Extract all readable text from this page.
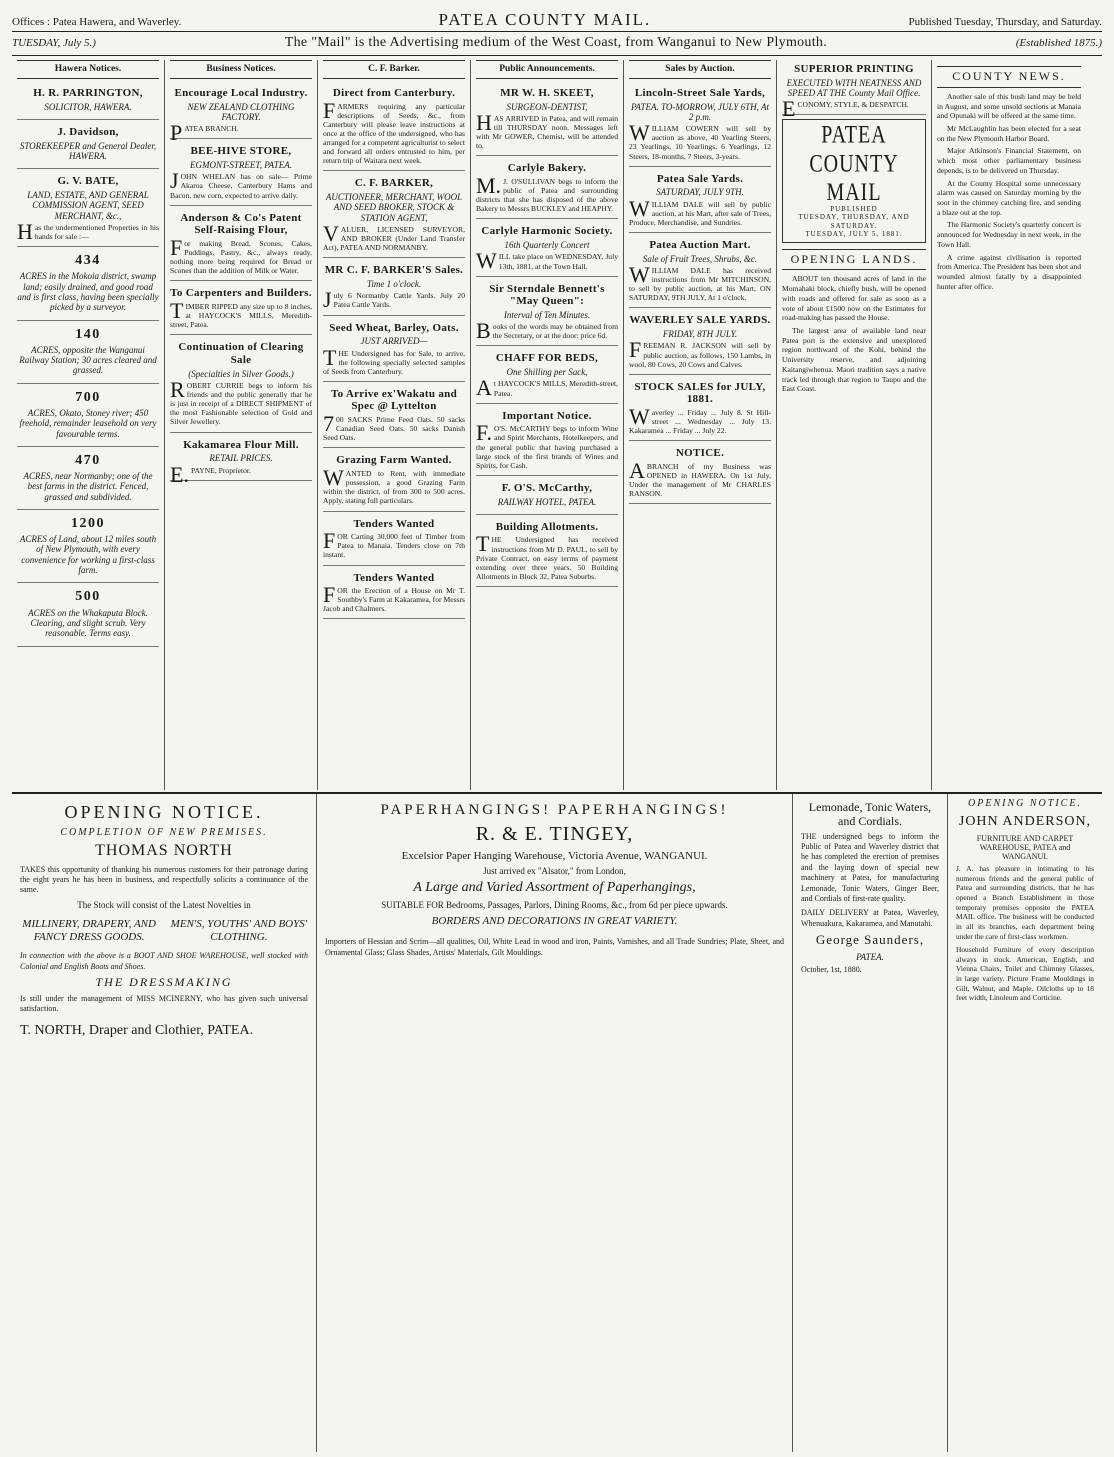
Offices : Patea Hawera, and Waverley.	PATEA COUNTY MAIL.	Published Tuesday, Thursday, and Saturday.
TUESDAY, July 5.)	The "Mail" is the Advertising medium of the West Coast, from Wanganui to New Plymouth.	(Established 1875.)
Hawera Notices.
H. R. PARRINGTON,
SOLICITOR, HAWERA.
J. Davidson,
STOREKEEPER and General Dealer, HAWERA.
G. V. BATE,
LAND, ESTATE, AND GENERAL COMMISSION AGENT, SEED MERCHANT, &c.,
Has the undermentioned Properties in his hands for sale :—
434
ACRES in the Mokoia district, swamp land; easily drained, and good road and is first class, having been specially picked by a surveyor.
140
ACRES, opposite the Wanganui Railway Station; 30 acres cleared and grassed.
700
ACRES, Okato, Stoney river; 450 freehold, remainder leasehold on very favourable terms.
470
ACRES, near Normanby; one of the best farms in the district. Fenced, grassed and subdivided.
1200
ACRES of Land, about 12 miles south of New Plymouth, with every convenience for working a first-class farm.
500
ACRES on the Whakaputa Block. Clearing, and slight scrub. Very reasonable. Terms easy.
Business Notices.
Encourage Local Industry.
NEW ZEALAND CLOTHING FACTORY.
PATEA BRANCH.
BEE-HIVE STORE,
EGMONT-STREET, PATEA.
JOHN WHELAN has on sale— Prime Akaroa Cheese, Canterbury Hams and Bacon, new corn, expected to arrive daily.
Anderson & Co's Patent Self-Raising Flour,
For making Bread, Scones, Cakes, Puddings, Pastry, &c., always ready, nothing more being required for Bread or Scones than the addition of Milk or Water.
To Carpenters and Builders.
TIMBER RIPPED any size up to 8 inches, at HAYCOCK'S MILLS, Meredith-street, Patea.
Continuation of Clearing Sale
(Specialties in Silver Goods.)
ROBERT CURRIE begs to inform his friends and the public generally that he is just in receipt of a DIRECT SHIPMENT of the most Fashionable selection of Gold and Silver Jewellery.
Kakamarea Flour Mill.
RETAIL PRICES.
E.PAYNE, Proprietor.
C. F. Barker.
Direct from Canterbury.
FARMERS requiring any particular descriptions of Seeds, &c., from Canterbury will please leave instructions at once at the office of the undersigned, who has arranged for a competent agriculturist to select and forward all orders entrusted to him, per return trip of Waitara next week.
C. F. BARKER,
AUCTIONEER, MERCHANT, WOOL AND SEED BROKER, STOCK & STATION AGENT,
VALUER, LICENSED SURVEYOR, AND BROKER (Under Land Transfer Act), PATEA AND NORMANBY.
MR C. F. BARKER'S Sales.
Time 1 o'clock.
July 6 Normanby Cattle Yards. July 20 Patea Cattle Yards.
Seed Wheat, Barley, Oats.
JUST ARRIVED—
THE Undersigned has for Sale, to arrive, the following specially selected samples of Seeds from Canterbury.
To Arrive ex'Wakatu and Spec @ Lyttelton
700 SACKS Prime Feed Oats. 50 sacks Canadian Seed Oats. 50 sacks Danish Seed Oats.
Grazing Farm Wanted.
WANTED to Rent, with immediate possession, a good Grazing Farm within the district, of from 300 to 500 acres. Apply, stating full particulars.
Tenders Wanted
FOR Carting 30,000 feet of Timber from Patea to Manaia. Tenders close on 7th instant.
Tenders Wanted
FOR the Erection of a House on Mr T. Southby's Farm at Kakaramea, for Messrs Jacob and Chalmers.
Public Announcements.
MR W. H. SKEET,
SURGEON-DENTIST,
HAS ARRIVED in Patea, and will remain till THURSDAY noon. Messages left with Mr GOWER, Chemist, will be attended to.
Carlyle Bakery.
M.J. O'SULLIVAN begs to inform the public of Patea and surrounding districts that she has disposed of the above Bakery to Messrs BUCKLEY and HEAPHY.
Carlyle Harmonic Society.
16th Quarterly Concert
WILL take place on WEDNESDAY, July 13th, 1881, at the Town Hall.
Sir Sterndale Bennett's "May Queen":
Interval of Ten Minutes.
Books of the words may be obtained from the Secretary, or at the door: price 6d.
CHAFF FOR BEDS,
One Shilling per Sack,
At HAYCOCK'S MILLS, Meredith-street, Patea.
Important Notice.
F.O'S. McCARTHY begs to inform Wine and Spirit Merchants, Hotelkeepers, and the general public that having purchased a large stock of the first brands of Wines and Spirits, for Cash.
F. O'S. McCarthy,
RAILWAY HOTEL, PATEA.
Building Allotments.
THE Undersigned has received instructions from Mr D. PAUL, to sell by Private Contract, on easy terms of payment extending over three years. 50 Building Allotments in Block 32, Patea Suburbs.
Sales by Auction.
Lincoln-Street Sale Yards,
PATEA. TO-MORROW, JULY 6TH, At 2 p.m.
WILLIAM COWERN will sell by auction as above, 40 Yearling Steers, 23 Yearlings, 10 Yearlings, 6 Yearlings, 12 Steers, 18-months, 7 Steers, 3-years.
Patea Sale Yards.
SATURDAY, JULY 9TH.
WILLIAM DALE will sell by public auction, at his Mart, after sale of Trees, Produce, Merchandise, and Sundries.
Patea Auction Mart.
Sale of Fruit Trees, Shrubs, &c.
WILLIAM DALE has received instructions from Mr MITCHINSON, to sell by public auction, at his Mart, ON SATURDAY, 9TH JULY, At 1 o'clock.
WAVERLEY SALE YARDS.
FRIDAY, 8TH JULY.
FREEMAN R. JACKSON will sell by public auction, as follows, 150 Lambs, in wool, 80 Cows, 20 Cows and Calves.
STOCK SALES for JULY, 1881.
Waverley ... Friday ... July 8. St Hill-street ... Wednesday ... July 13. Kakaramea ... Friday ... July 22.
NOTICE.
ABRANCH of my Business was OPENED in HAWERA, On 1st July, Under the management of Mr CHARLES RANSON.
SUPERIOR PRINTING
EXECUTED WITH NEATNESS AND SPEED AT THE County Mail Office.
ECONOMY, STYLE, & DESPATCH.
PATEA COUNTY MAIL
PUBLISHED
TUESDAY, THURSDAY, AND SATURDAY.
TUESDAY, JULY 5, 1881.
OPENING LANDS.
ABOUT ten thousand acres of land in the Momahaki block, chiefly bush, will be opened with roads and offered for sale as soon as a vote of about £1500 now on the Estimates for road-making has passed the House.
The largest area of available land near Patea port is the extensive and unexplored region northward of the Kohi, behind the University reserve, and adjoining Kaitangiwhenua. Maori tradition says a native track led through that region to Taupo and the East Coast.
COUNTY NEWS.
Another sale of this bush land may be held in August, and some unsold sections at Manaia and Opunaki will be offered at the same time.
Mr McLaughlin has been elected for a seat on the New Plymouth Harbor Board.
Major Atkinson's Financial Statement, on which most other parliamentary business depends, is to be delivered on Thursday.
At the County Hospital some unnecessary alarm was caused on Saturday morning by the soot in the chimney catching fire, and sending a blaze out at the top.
The Harmonic Society's quarterly concert is announced for Wednesday in next week, in the Town Hall.
A crime against civilisation is reported from America. The President has been shot and wounded almost fatally by a disappointed hunter after office.
OPENING NOTICE.
COMPLETION OF NEW PREMISES.
THOMAS NORTH
TAKES this opportunity of thanking his numerous customers for their patronage during the eight years he has been in business, and respectfully solicits a continuance of the same.
The Stock will consist of the Latest Novelties in
MILLINERY, DRAPERY, AND FANCY DRESS GOODS.
MEN'S, YOUTHS' AND BOYS' CLOTHING.
In connection with the above is a BOOT AND SHOE WAREHOUSE, well stocked with Colonial and English Boots and Shoes.
THE DRESSMAKING
Is still under the management of MISS MCINERNY, who has given such universal satisfaction.
T. NORTH, Draper and Clothier, PATEA.
PAPERHANGINGS! PAPERHANGINGS!
R. & E. TINGEY,
Excelsior Paper Hanging Warehouse, Victoria Avenue, WANGANUI.
Just arrived ex "Alsator," from London,
A Large and Varied Assortment of Paperhangings,
SUITABLE FOR Bedrooms, Passages, Parlors, Dining Rooms, &c., from 6d per piece upwards.
BORDERS AND DECORATIONS IN GREAT VARIETY.
Importers of Hessian and Scrim—all qualities, Oil, White Lead in wood and iron, Paints, Varnishes, and all Trade Sundries; Plate, Sheet, and Ornamental Glass; Glass Shades, Artists' Materials, Gilt Mouldings.
Lemonade, Tonic Waters, and Cordials.
THE undersigned begs to inform the Public of Patea and Waverley district that he has completed the erection of premises and the laying down of special new machinery at Patea, for manufacturing Lemonade, Tonic Waters, Ginger Beer, and Cordials of first-rate quality.
DAILY DELIVERY at Patea, Waverley, Whenuakura, Kakaramea, and Manutahi.
George Saunders,
PATEA.
October, 1st, 1880.
OPENING NOTICE.
JOHN ANDERSON,
FURNITURE AND CARPET WAREHOUSE, PATEA and WANGANUI.
J. A. has pleasure in intimating to his numerous friends and the general public of Patea and surrounding districts, that he has opened a Branch Establishment in those temporary premises opposite the PATEA MAIL office. The business will be conducted in all its branches, each department being under the care of first-class workmen.
Household Furniture of every description always in stock. American, English, and Vienna Chairs, Toilet and Chimney Glasses, in large variety. Picture Frame Mouldings in Gilt, Walnut, and Maple. Oilcloths up to 18 feet width, Linoleum and Corticine.
